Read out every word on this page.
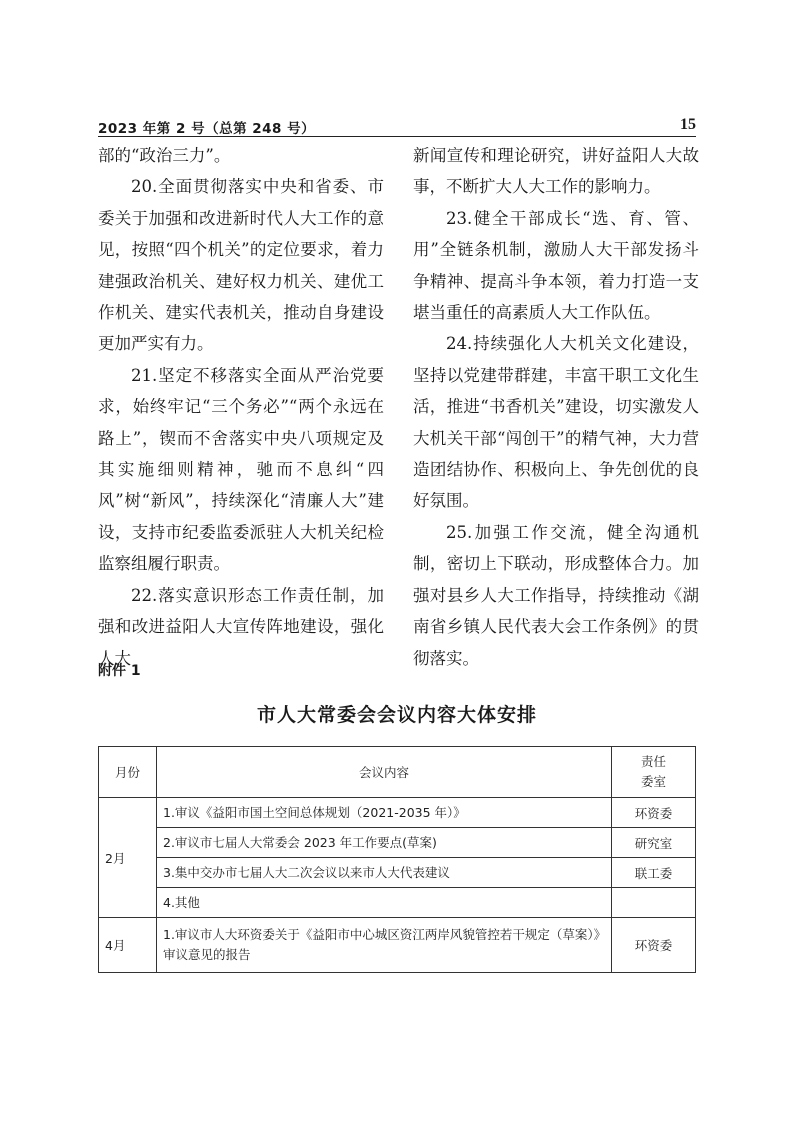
2023 年第 2 号（总第 248 号）	15

部的“政治三力”。

20.全面贯彻落实中央和省委、市委关于加强和改进新时代人大工作的意见，按照“四个机关”的定位要求，着力建强政治机关、建好权力机关、建优工作机关、建实代表机关，推动自身建设更加严实有力。

21.坚定不移落实全面从严治党要求，始终牢记“三个务必”“两个永远在路上”，锲而不舍落实中央八项规定及其实施细则精神，驰而不息纠“四风”树“新风”，持续深化“清廉人大”建设，支持市纪委监委派驻人大机关纪检监察组履行职责。

22.落实意识形态工作责任制，加强和改进益阳人大宣传阵地建设，强化人大

新闻宣传和理论研究，讲好益阳人大故事，不断扩大人大工作的影响力。

23.健全干部成长“选、育、管、用”全链条机制，激励人大干部发扬斗争精神、提高斗争本领，着力打造一支堪当重任的高素质人大工作队伍。

24.持续强化人大机关文化建设，坚持以党建带群建，丰富干职工文化生活，推进“书香机关”建设，切实激发人大机关干部“闯创干”的精气神，大力营造团结协作、积极向上、争先创优的良好氛围。

25.加强工作交流，健全沟通机制，密切上下联动，形成整体合力。加强对县乡人大工作指导，持续推动《湖南省乡镇人民代表大会工作条例》的贯彻落实。

附件 1
市人大常委会会议内容大体安排
月份	会议内容	责任
委室
2月	1.审议《益阳市国土空间总体规划（2021-2035 年）》	环资委
	2.审议市七届人大常委会 2023 年工作要点(草案)	研究室
	3.集中交办市七届人大二次会议以来市人大代表建议	联工委
	4.其他	
4月	1.审议市人大环资委关于《益阳市中心城区资江两岸风貌管控若干规定（草案）》审议意见的报告	环资委
